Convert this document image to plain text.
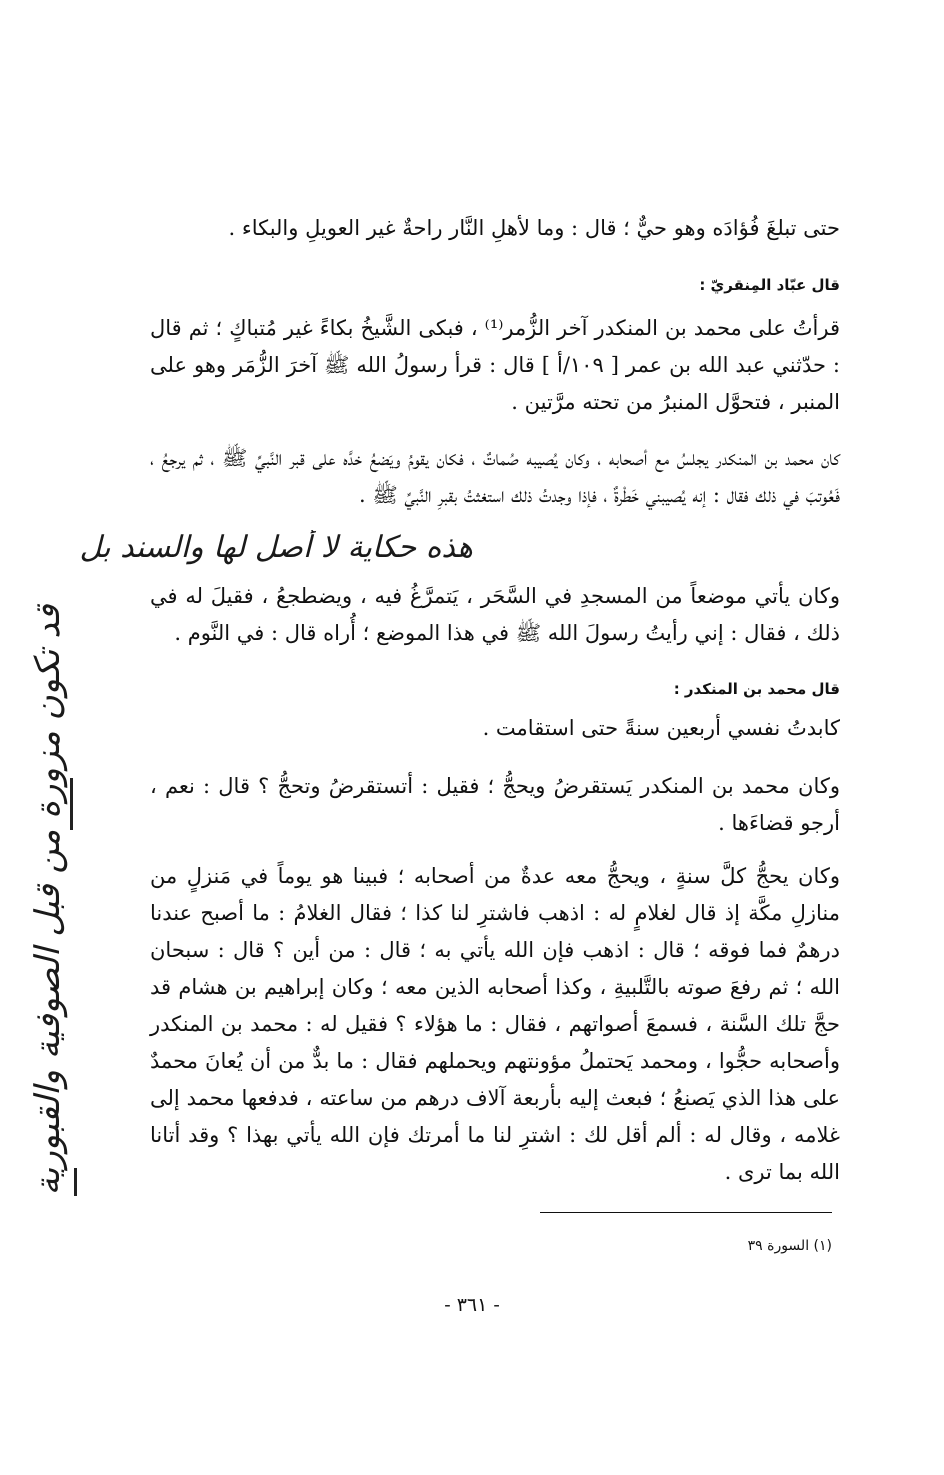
حتى تبلغَ فُؤادَه وهو حيٌّ ؛ قال : وما لأهلِ النَّار راحةٌ غير العويلِ والبكاء .
قال عبّاد المِنقريّ :
قرأتُ على محمد بن المنكدر آخر الزُّمر⁽¹⁾ ، فبكى الشَّيخُ بكاءً غير مُتباكٍ ؛ ثم قال : حدّثني عبد الله بن عمر [ ١٠٩/أ ] قال : قرأ رسولُ الله ﷺ آخرَ الزُّمَر وهو على المنبر ، فتحوَّل المنبرُ من تحته مرَّتين .
كان محمد بن المنكدر يجلسُ مع أصحابه ، وكان يُصيبه صُماتٌ ، فكان يقومُ ويَضعُ خدَّه على قبر النَّبيِّ ﷺ ، ثم يرجعُ ، فَعُوتبَ في ذلك فقال : إنه يُصيبني خَطْرةٌ ، فإذا وجدتُ ذلك استغثتُ بقبرِ النَّبيِّ ﷺ .
وكان يأتي موضعاً من المسجدِ في السَّحَر ، يَتمرَّغُ فيه ، ويضطجعُ ، فقيلَ له في ذلك ، فقال : إني رأيتُ رسولَ الله ﷺ في هذا الموضع ؛ أُراه قال : في النَّوم .
قال محمد بن المنكدر :
كابدتُ نفسي أربعين سنةً حتى استقامت .
وكان محمد بن المنكدر يَستقرضُ ويحجُّ ؛ فقيل : أتستقرضُ وتحجُّ ؟ قال : نعم ، أرجو قضاءَها .
وكان يحجُّ كلَّ سنةٍ ، ويحجُّ معه عدةٌ من أصحابه ؛ فبينا هو يوماً في مَنزلٍ من منازلِ مكَّة إذ قال لغلامٍ له : اذهب فاشترِ لنا كذا ؛ فقال الغلامُ : ما أصبح عندنا درهمٌ فما فوقه ؛ قال : اذهب فإن الله يأتي به ؛ قال : من أين ؟ قال : سبحان الله ؛ ثم رفعَ صوته بالتَّلبيةِ ، وكذا أصحابه الذين معه ؛ وكان إبراهيم بن هشام قد حجَّ تلك السَّنة ، فسمعَ أصواتهم ، فقال : ما هؤلاء ؟ فقيل له : محمد بن المنكدر وأصحابه حجُّوا ، ومحمد يَحتملُ مؤونتهم ويحملهم فقال : ما بدٌّ من أن يُعانَ محمدٌ على هذا الذي يَصنعُ ؛ فبعث إليه بأربعة آلاف درهم من ساعته ، فدفعها محمد إلى غلامه ، وقال له : ألم أقل لك : اشترِ لنا ما أمرتك فإن الله يأتي بهذا ؟ وقد أتانا الله بما ترى .
(١) السورة ٣٩
- ٣٦١ -
قد تكون مزورة من قبل الصوفية والقبورية
هذه حكاية لا أصل لها والسند بل
